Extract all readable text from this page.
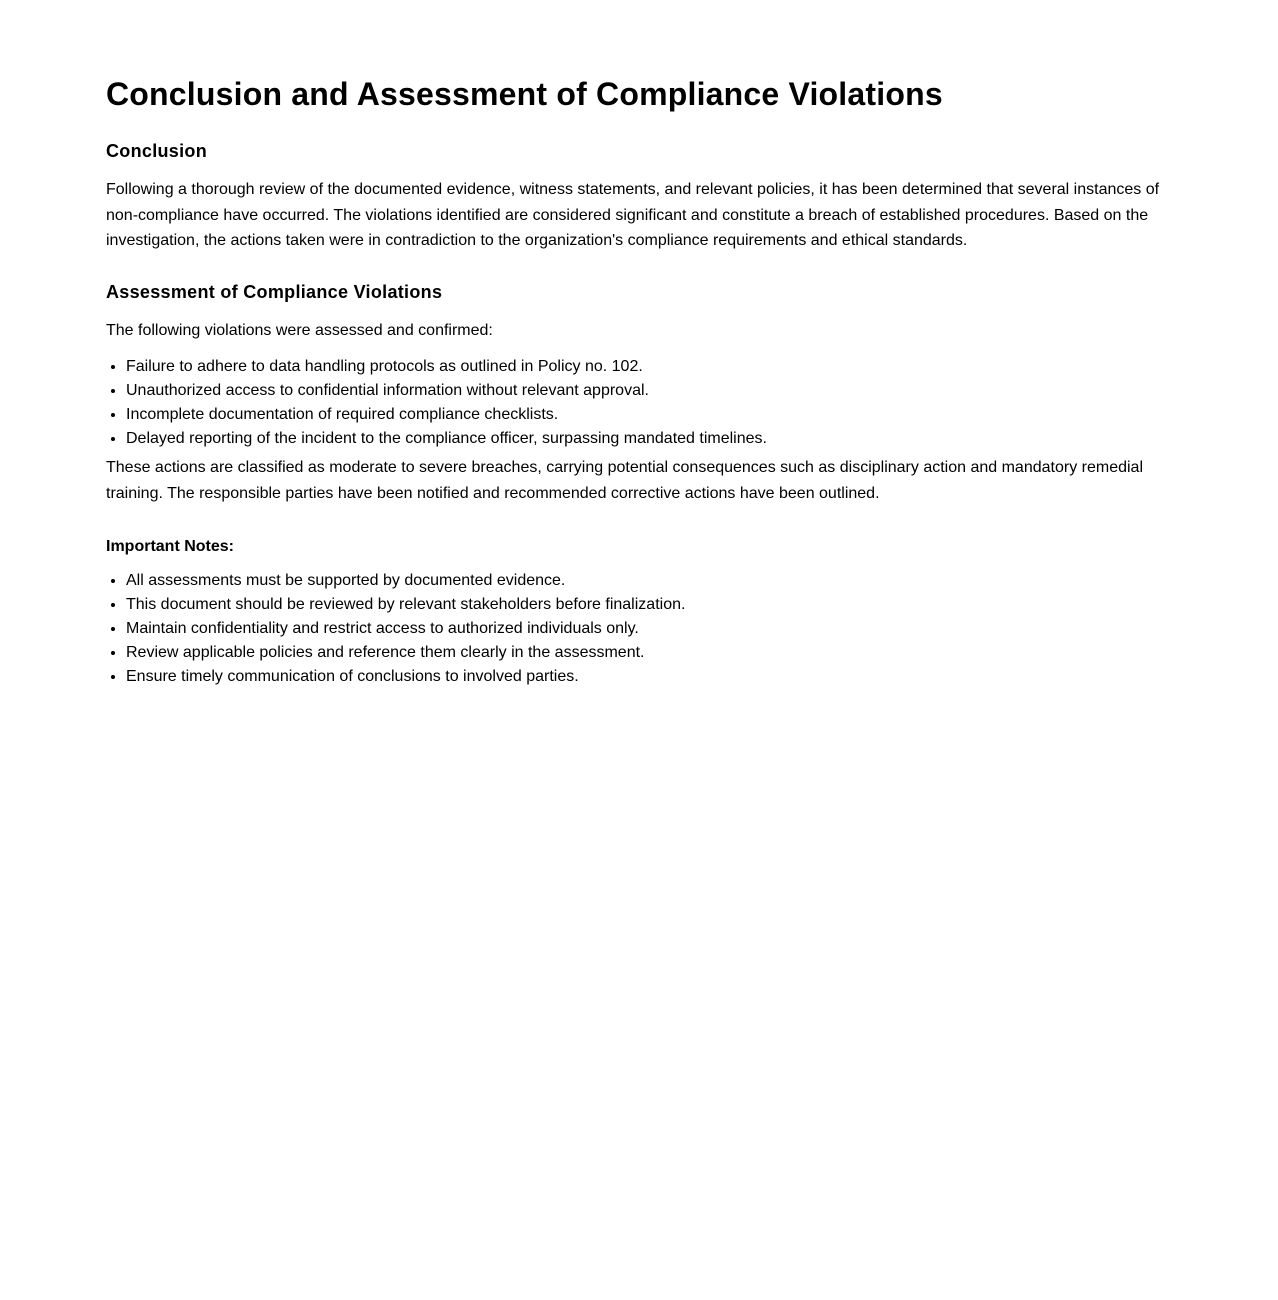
Conclusion and Assessment of Compliance Violations
Conclusion

Following a thorough review of the documented evidence, witness statements, and relevant policies, it has been determined that several instances of non-compliance have occurred. The violations identified are considered significant and constitute a breach of established procedures. Based on the investigation, the actions taken were in contradiction to the organization's compliance requirements and ethical standards.

Assessment of Compliance Violations

The following violations were assessed and confirmed:

• Failure to adhere to data handling protocols as outlined in Policy no. 102.
• Unauthorized access to confidential information without relevant approval.
• Incomplete documentation of required compliance checklists.
• Delayed reporting of the incident to the compliance officer, surpassing mandated timelines.

These actions are classified as moderate to severe breaches, carrying potential consequences such as disciplinary action and mandatory remedial training. The responsible parties have been notified and recommended corrective actions have been outlined.

Important Notes:
• All assessments must be supported by documented evidence.
• This document should be reviewed by relevant stakeholders before finalization.
• Maintain confidentiality and restrict access to authorized individuals only.
• Review applicable policies and reference them clearly in the assessment.
• Ensure timely communication of conclusions to involved parties.
